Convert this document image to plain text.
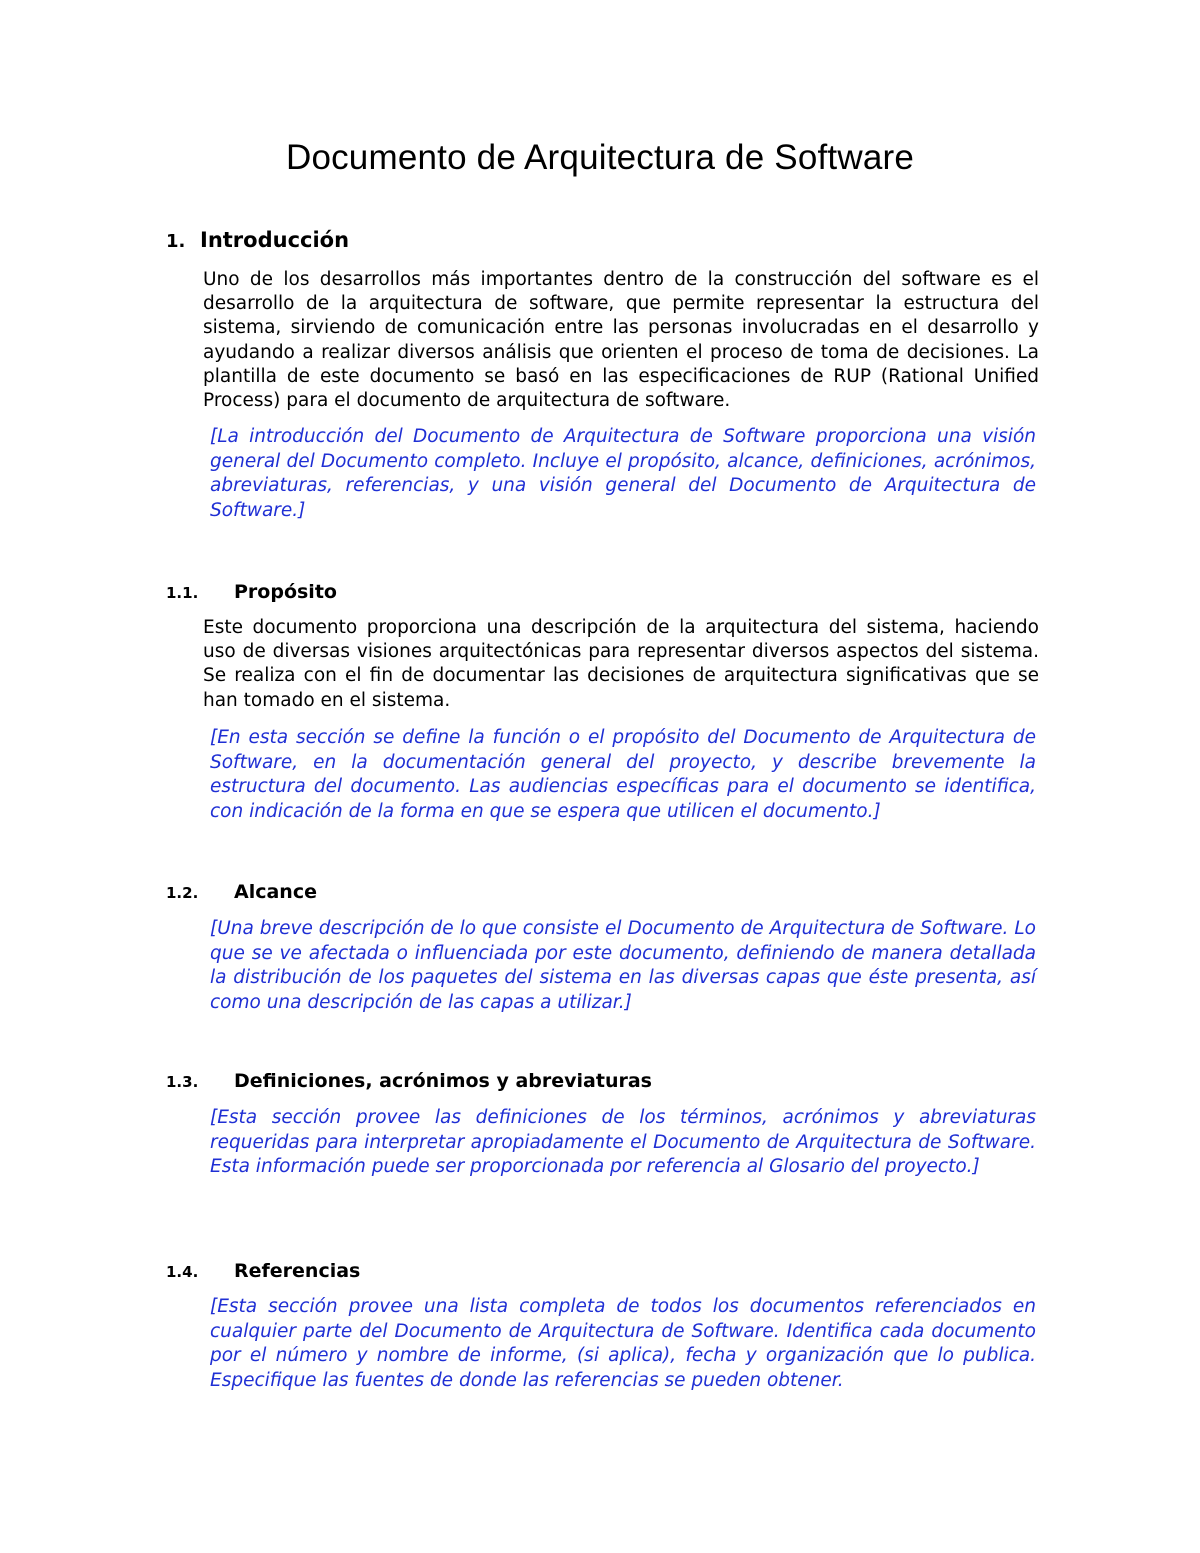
Documento de Arquitectura de Software
1. Introducción

Uno de los desarrollos más importantes dentro de la construcción del software es el desarrollo de la arquitectura de software, que permite representar la estructura del sistema, sirviendo de comunicación entre las personas involucradas en el desarrollo y ayudando a realizar diversos análisis que orienten el proceso de toma de decisiones. La plantilla de este documento se basó en las especificaciones de RUP (Rational Unified Process) para el documento de arquitectura de software.

[La introducción del Documento de Arquitectura de Software proporciona una visión general del Documento completo. Incluye el propósito, alcance, definiciones, acrónimos, abreviaturas, referencias, y una visión general del Documento de Arquitectura de Software.]

1.1. Propósito

Este documento proporciona una descripción de la arquitectura del sistema, haciendo uso de diversas visiones arquitectónicas para representar diversos aspectos del sistema. Se realiza con el fin de documentar las decisiones de arquitectura significativas que se han tomado en el sistema.

[En esta sección se define la función o el propósito del Documento de Arquitectura de Software, en la documentación general del proyecto, y describe brevemente la estructura del documento. Las audiencias específicas para el documento se identifica, con indicación de la forma en que se espera que utilicen el documento.]

1.2. Alcance

[Una breve descripción de lo que consiste el Documento de Arquitectura de Software. Lo que se ve afectada o influenciada por este documento, definiendo de manera detallada la distribución de los paquetes del sistema en las diversas capas que éste presenta, así como una descripción de las capas a utilizar.]

1.3. Definiciones, acrónimos y abreviaturas

[Esta sección provee las definiciones de los términos, acrónimos y abreviaturas requeridas para interpretar apropiadamente el Documento de Arquitectura de Software. Esta información puede ser proporcionada por referencia al Glosario del proyecto.]

1.4. Referencias

[Esta sección provee una lista completa de todos los documentos referenciados en cualquier parte del Documento de Arquitectura de Software. Identifica cada documento por el número y nombre de informe, (si aplica), fecha y organización que lo publica. Especifique las fuentes de donde las referencias se pueden obtener.
